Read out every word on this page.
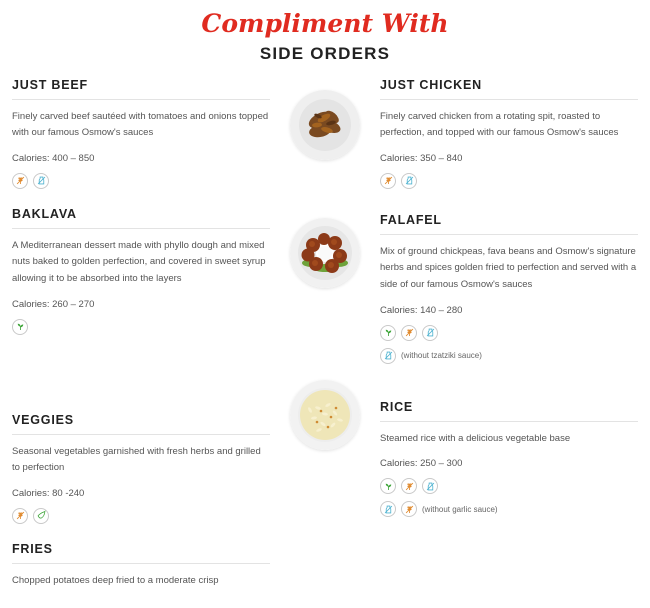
Compliment With
SIDE ORDERS
JUST BEEF

Finely carved beef sautéed with tomatoes and onions topped with our famous Osmow's sauces

Calories: 400 – 850

BAKLAVA

A Mediterranean dessert made with phyllo dough and mixed nuts baked to golden perfection, and covered in sweet syrup allowing it to be absorbed into the layers

Calories: 260 – 270

VEGGIES

Seasonal vegetables garnished with fresh herbs and grilled to perfection

Calories: 80 -240

FRIES

Chopped potatoes deep fried to a moderate crisp

JUST CHICKEN

Finely carved chicken from a rotating spit, roasted to perfection, and topped with our famous Osmow's sauces

Calories: 350 – 840

FALAFEL

Mix of ground chickpeas, fava beans and Osmow's signature herbs and spices golden fried to perfection and served with a side of our famous Osmow's sauces

Calories: 140 – 280

(without tzatziki sauce)
RICE

Steamed rice with a delicious vegetable base

Calories: 250 – 300

(without garlic sauce)
